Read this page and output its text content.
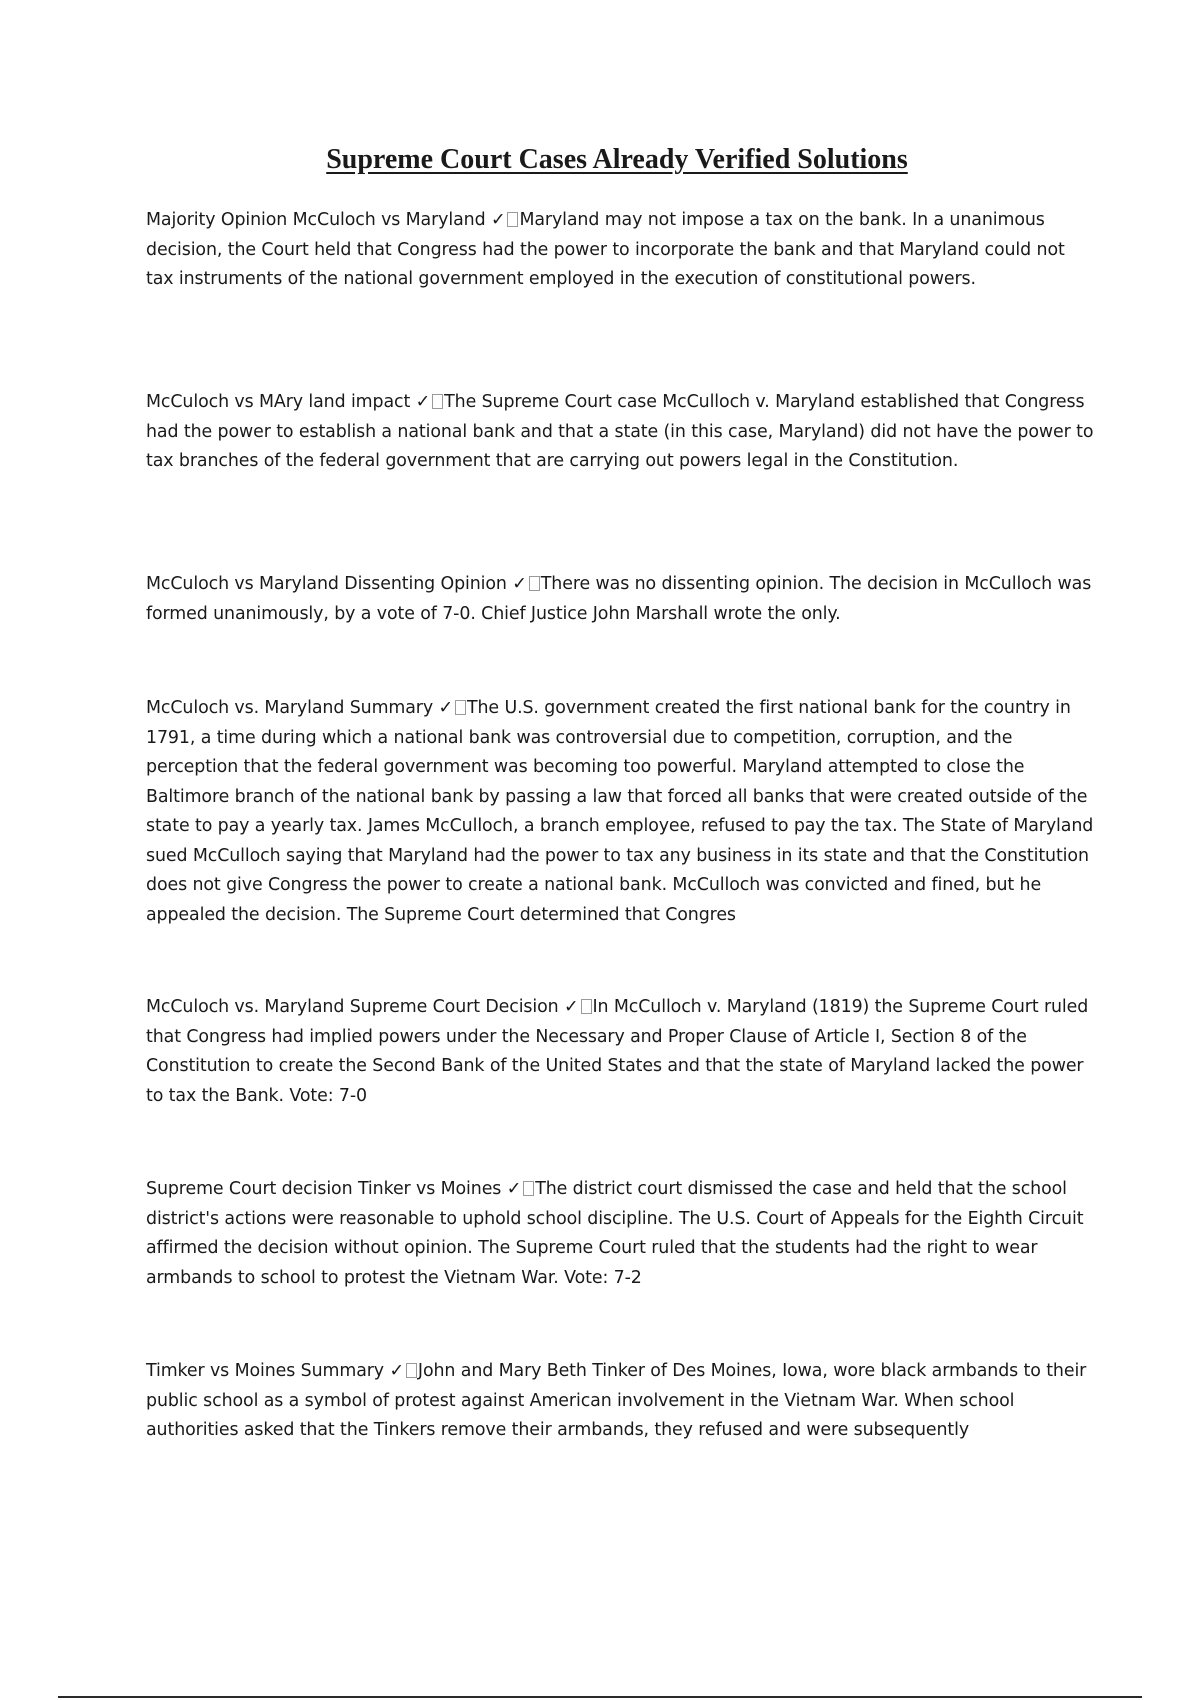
Supreme Court Cases Already Verified Solutions

Majority Opinion McCuloch vs Maryland ✓ Maryland may not impose a tax on the bank. In a unanimous decision, the Court held that Congress had the power to incorporate the bank and that Maryland could not tax instruments of the national government employed in the execution of constitutional powers.

McCuloch vs MAry land impact ✓ The Supreme Court case McCulloch v. Maryland established that Congress had the power to establish a national bank and that a state (in this case, Maryland) did not have the power to tax branches of the federal government that are carrying out powers legal in the Constitution.

McCuloch vs Maryland Dissenting Opinion ✓ There was no dissenting opinion. The decision in McCulloch was formed unanimously, by a vote of 7-0. Chief Justice John Marshall wrote the only.

McCuloch vs. Maryland Summary ✓ The U.S. government created the first national bank for the country in 1791, a time during which a national bank was controversial due to competition, corruption, and the perception that the federal government was becoming too powerful. Maryland attempted to close the Baltimore branch of the national bank by passing a law that forced all banks that were created outside of the state to pay a yearly tax. James McCulloch, a branch employee, refused to pay the tax. The State of Maryland sued McCulloch saying that Maryland had the power to tax any business in its state and that the Constitution does not give Congress the power to create a national bank. McCulloch was convicted and fined, but he appealed the decision. The Supreme Court determined that Congres

McCuloch vs. Maryland Supreme Court Decision ✓ In McCulloch v. Maryland (1819) the Supreme Court ruled that Congress had implied powers under the Necessary and Proper Clause of Article I, Section 8 of the Constitution to create the Second Bank of the United States and that the state of Maryland lacked the power to tax the Bank. Vote: 7-0

Supreme Court decision Tinker vs Moines ✓ The district court dismissed the case and held that the school district's actions were reasonable to uphold school discipline. The U.S. Court of Appeals for the Eighth Circuit affirmed the decision without opinion. The Supreme Court ruled that the students had the right to wear armbands to school to protest the Vietnam War. Vote: 7-2

Timker vs Moines Summary ✓ John and Mary Beth Tinker of Des Moines, Iowa, wore black armbands to their public school as a symbol of protest against American involvement in the Vietnam War. When school authorities asked that the Tinkers remove their armbands, they refused and were subsequently
